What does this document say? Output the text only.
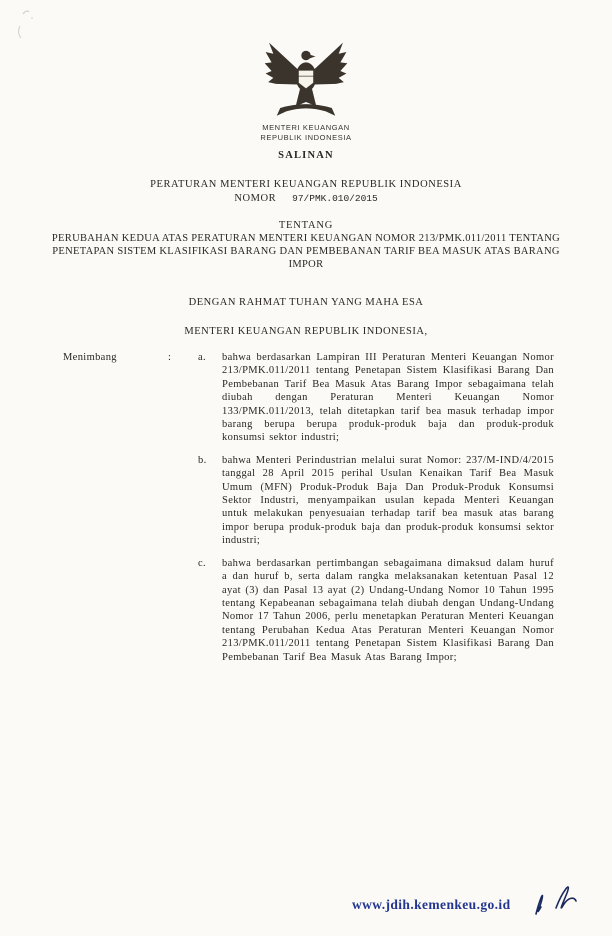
MENTERI KEUANGAN
REPUBLIK INDONESIA
SALINAN
PERATURAN MENTERI KEUANGAN REPUBLIK INDONESIA
NOMOR 97/PMK.010/2015
TENTANG
PERUBAHAN KEDUA ATAS PERATURAN MENTERI KEUANGAN NOMOR 213/PMK.011/2011 TENTANG PENETAPAN SISTEM KLASIFIKASI BARANG DAN PEMBEBANAN TARIF BEA MASUK ATAS BARANG IMPOR
DENGAN RAHMAT TUHAN YANG MAHA ESA
MENTERI KEUANGAN REPUBLIK INDONESIA,
Menimbang	:	a.	bahwa berdasarkan Lampiran III Peraturan Menteri Keuangan Nomor 213/PMK.011/2011 tentang Penetapan Sistem Klasifikasi Barang Dan Pembebanan Tarif Bea Masuk Atas Barang Impor sebagaimana telah diubah dengan Peraturan Menteri Keuangan Nomor 133/PMK.011/2013, telah ditetapkan tarif bea masuk terhadap impor barang berupa berupa produk-produk baja dan produk-produk konsumsi sektor industri;
b.	bahwa Menteri Perindustrian melalui surat Nomor: 237/M-IND/4/2015 tanggal 28 April 2015 perihal Usulan Kenaikan Tarif Bea Masuk Umum (MFN) Produk-Produk Baja Dan Produk-Produk Konsumsi Sektor Industri, menyampaikan usulan kepada Menteri Keuangan untuk melakukan penyesuaian terhadap tarif bea masuk atas barang impor berupa produk-produk baja dan produk-produk konsumsi sektor industri;
c.	bahwa berdasarkan pertimbangan sebagaimana dimaksud dalam huruf a dan huruf b, serta dalam rangka melaksanakan ketentuan Pasal 12 ayat (3) dan Pasal 13 ayat (2) Undang-Undang Nomor 10 Tahun 1995 tentang Kepabeanan sebagaimana telah diubah dengan Undang-Undang Nomor 17 Tahun 2006, perlu menetapkan Peraturan Menteri Keuangan tentang Perubahan Kedua Atas Peraturan Menteri Keuangan Nomor 213/PMK.011/2011 tentang Penetapan Sistem Klasifikasi Barang Dan Pembebanan Tarif Bea Masuk Atas Barang Impor;
www.jdih.kemenkeu.go.id
